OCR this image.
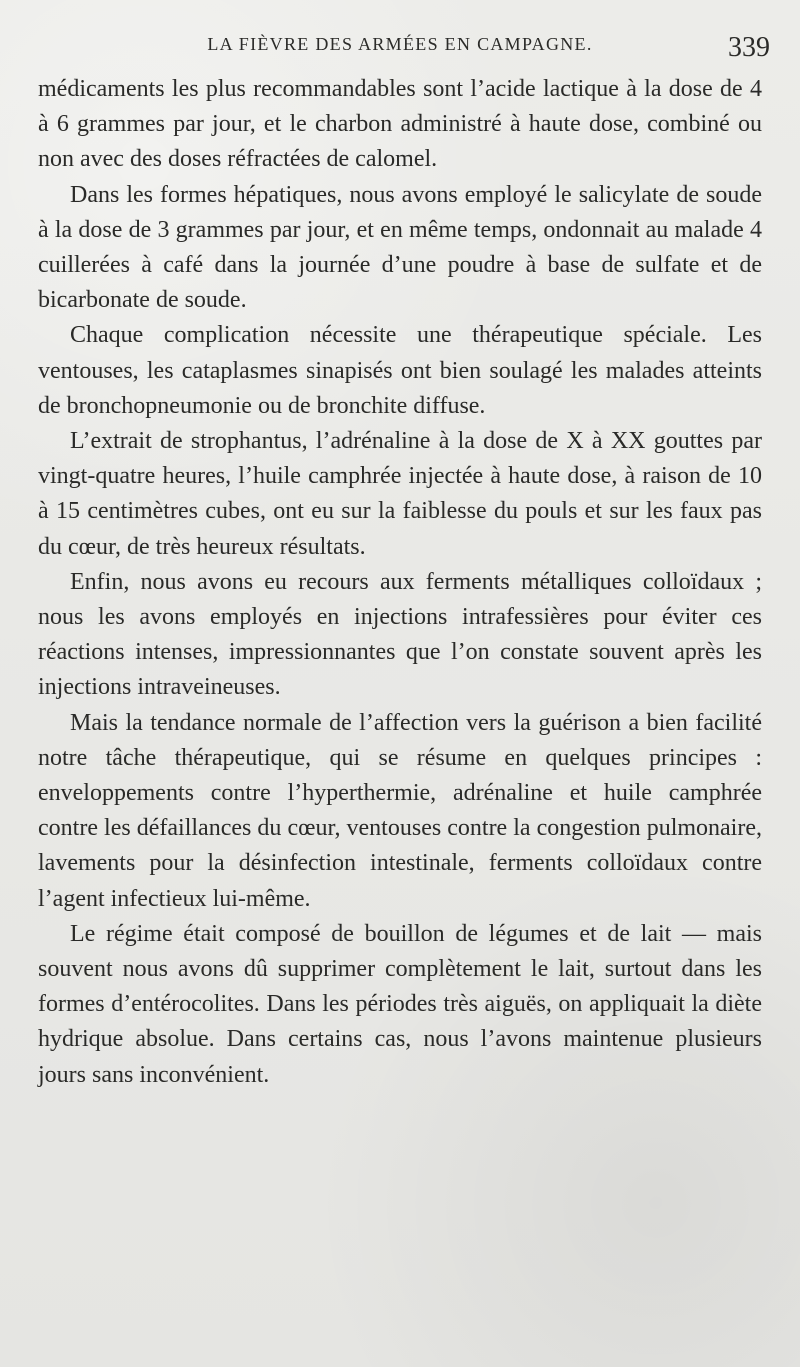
LA FIÈVRE DES ARMÉES EN CAMPAGNE.	339

médicaments les plus recommandables sont l’acide lactique à la dose de 4 à 6 grammes par jour, et le charbon administré à haute dose, combiné ou non avec des doses réfractées de calomel.

Dans les formes hépatiques, nous avons employé le salicylate de soude à la dose de 3 grammes par jour, et en même temps, ondonnait au malade 4 cuillerées à café dans la journée d’une poudre à base de sulfate et de bicarbonate de soude.

Chaque complication nécessite une thérapeutique spéciale. Les ventouses, les cataplasmes sinapisés ont bien soulagé les malades atteints de bronchopneumonie ou de bronchite diffuse.

L’extrait de strophantus, l’adrénaline à la dose de X à XX gouttes par vingt-quatre heures, l’huile camphrée injectée à haute dose, à raison de 10 à 15 centimètres cubes, ont eu sur la faiblesse du pouls et sur les faux pas du cœur, de très heureux résultats.

Enfin, nous avons eu recours aux ferments métalliques colloïdaux ; nous les avons employés en injections intrafessières pour éviter ces réactions intenses, impressionnantes que l’on constate souvent après les injections intraveineuses.

Mais la tendance normale de l’affection vers la guérison a bien facilité notre tâche thérapeutique, qui se résume en quelques principes : enveloppements contre l’hyperthermie, adrénaline et huile camphrée contre les défaillances du cœur, ventouses contre la congestion pulmonaire, lavements pour la désinfection intestinale, ferments colloïdaux contre l’agent infectieux lui-même.

Le régime était composé de bouillon de légumes et de lait — mais souvent nous avons dû supprimer complètement le lait, surtout dans les formes d’entérocolites. Dans les périodes très aiguës, on appliquait la diète hydrique absolue. Dans certains cas, nous l’avons maintenue plusieurs jours sans inconvénient.
